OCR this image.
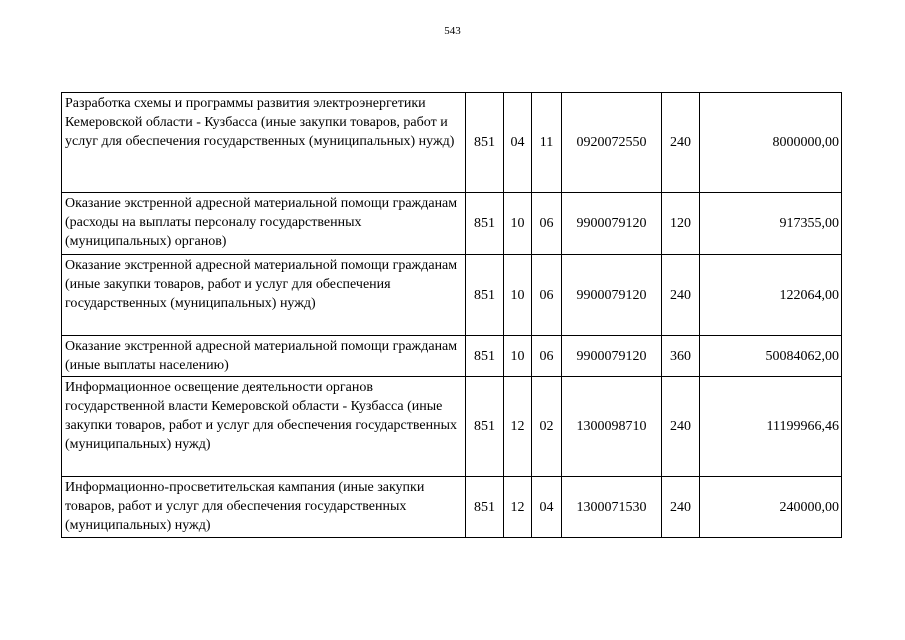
543
Разработка схемы и программы развития электроэнергетики Кемеровской области - Кузбасса (иные закупки товаров, работ и услуг для обеспечения государственных (муниципальных) нужд)	851	04	11	0920072550	240	8000000,00
Оказание экстренной адресной материальной помощи гражданам (расходы на выплаты персоналу государственных (муниципальных) органов)	851	10	06	9900079120	120	917355,00
Оказание экстренной адресной материальной помощи гражданам (иные закупки товаров, работ и услуг для обеспечения государственных (муниципальных) нужд)	851	10	06	9900079120	240	122064,00
Оказание экстренной адресной материальной помощи гражданам (иные выплаты населению)	851	10	06	9900079120	360	50084062,00
Информационное освещение деятельности органов государственной власти Кемеровской области - Кузбасса (иные закупки товаров, работ и услуг для обеспечения государственных (муниципальных) нужд)	851	12	02	1300098710	240	11199966,46
Информационно-просветительская кампания (иные закупки товаров, работ и услуг для обеспечения государственных (муниципальных) нужд)	851	12	04	1300071530	240	240000,00
